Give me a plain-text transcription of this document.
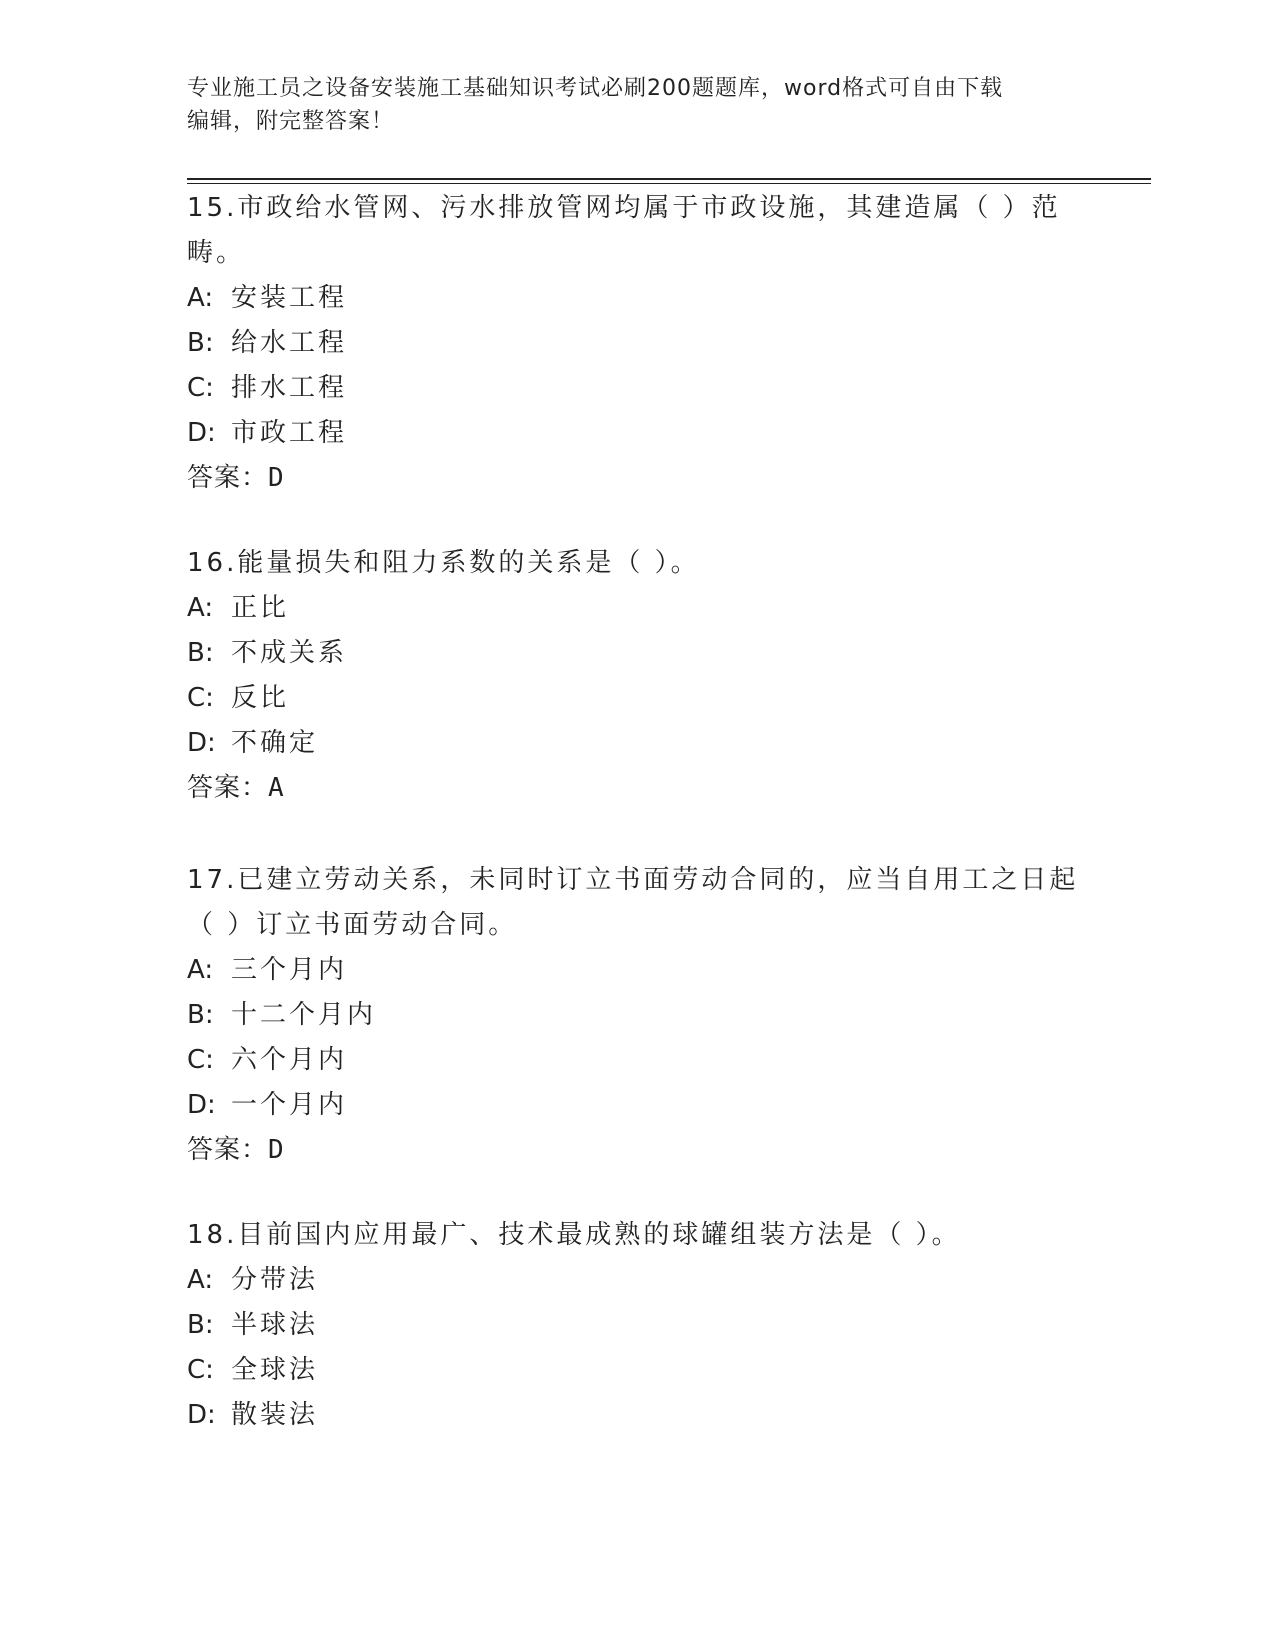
专业施工员之设备安装施工基础知识考试必刷200题题库，word格式可自由下载
编辑，附完整答案！

15.市政给水管网、污水排放管网均属于市政设施，其建造属（ ）范

畴。

A: 安装工程

B: 给水工程

C: 排水工程

D: 市政工程

答案：D

16.能量损失和阻力系数的关系是（ ）。

A: 正比

B: 不成关系

C: 反比

D: 不确定

答案：A

17.已建立劳动关系，未同时订立书面劳动合同的，应当自用工之日起

（ ）订立书面劳动合同。

A: 三个月内

B: 十二个月内

C: 六个月内

D: 一个月内

答案：D

18.目前国内应用最广、技术最成熟的球罐组装方法是（ ）。

A: 分带法

B: 半球法

C: 全球法

D: 散装法
